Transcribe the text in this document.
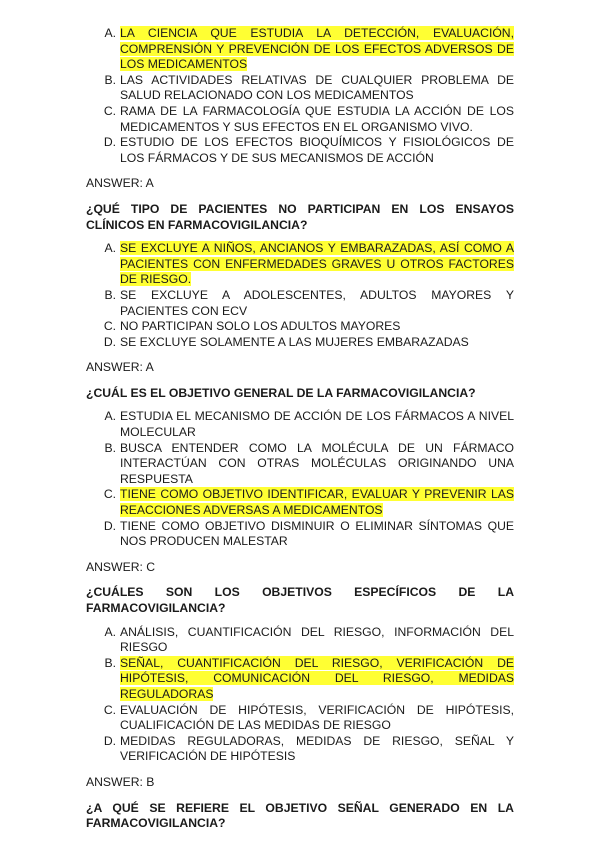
A. LA CIENCIA QUE ESTUDIA LA DETECCIÓN, EVALUACIÓN, COMPRENSIÓN Y PREVENCIÓN DE LOS EFECTOS ADVERSOS DE LOS MEDICAMENTOS
B. LAS ACTIVIDADES RELATIVAS DE CUALQUIER PROBLEMA DE SALUD RELACIONADO CON LOS MEDICAMENTOS
C. RAMA DE LA FARMACOLOGÍA QUE ESTUDIA LA ACCIÓN DE LOS MEDICAMENTOS Y SUS EFECTOS EN EL ORGANISMO VIVO.
D. ESTUDIO DE LOS EFECTOS BIOQUÍMICOS Y FISIOLÓGICOS DE LOS FÁRMACOS Y DE SUS MECANISMOS DE ACCIÓN
ANSWER: A
¿QUÉ TIPO DE PACIENTES NO PARTICIPAN EN LOS ENSAYOS CLÍNICOS EN FARMACOVIGILANCIA?
A. SE EXCLUYE A NIÑOS, ANCIANOS Y EMBARAZADAS, ASÍ COMO A PACIENTES CON ENFERMEDADES GRAVES U OTROS FACTORES DE RIESGO.
B. SE EXCLUYE A ADOLESCENTES, ADULTOS MAYORES Y PACIENTES CON ECV
C. NO PARTICIPAN SOLO LOS ADULTOS MAYORES
D. SE EXCLUYE SOLAMENTE A LAS MUJERES EMBARAZADAS
ANSWER: A
¿CUÁL ES EL OBJETIVO GENERAL DE LA FARMACOVIGILANCIA?
A. ESTUDIA EL MECANISMO DE ACCIÓN DE LOS FÁRMACOS A NIVEL MOLECULAR
B. BUSCA ENTENDER COMO LA MOLÉCULA DE UN FÁRMACO INTERACTÚAN CON OTRAS MOLÉCULAS ORIGINANDO UNA RESPUESTA
C. TIENE COMO OBJETIVO IDENTIFICAR, EVALUAR Y PREVENIR LAS REACCIONES ADVERSAS A MEDICAMENTOS
D. TIENE COMO OBJETIVO DISMINUIR O ELIMINAR SÍNTOMAS QUE NOS PRODUCEN MALESTAR
ANSWER: C
¿CUÁLES SON LOS OBJETIVOS ESPECÍFICOS DE LA FARMACOVIGILANCIA?
A. ANÁLISIS, CUANTIFICACIÓN DEL RIESGO, INFORMACIÓN DEL RIESGO
B. SEÑAL, CUANTIFICACIÓN DEL RIESGO, VERIFICACIÓN DE HIPÓTESIS, COMUNICACIÓN DEL RIESGO, MEDIDAS REGULADORAS
C. EVALUACIÓN DE HIPÓTESIS, VERIFICACIÓN DE HIPÓTESIS, CUALIFICACIÓN DE LAS MEDIDAS DE RIESGO
D. MEDIDAS REGULADORAS, MEDIDAS DE RIESGO, SEÑAL Y VERIFICACIÓN DE HIPÓTESIS
ANSWER: B
¿A QUÉ SE REFIERE EL OBJETIVO SEÑAL GENERADO EN LA FARMACOVIGILANCIA?
